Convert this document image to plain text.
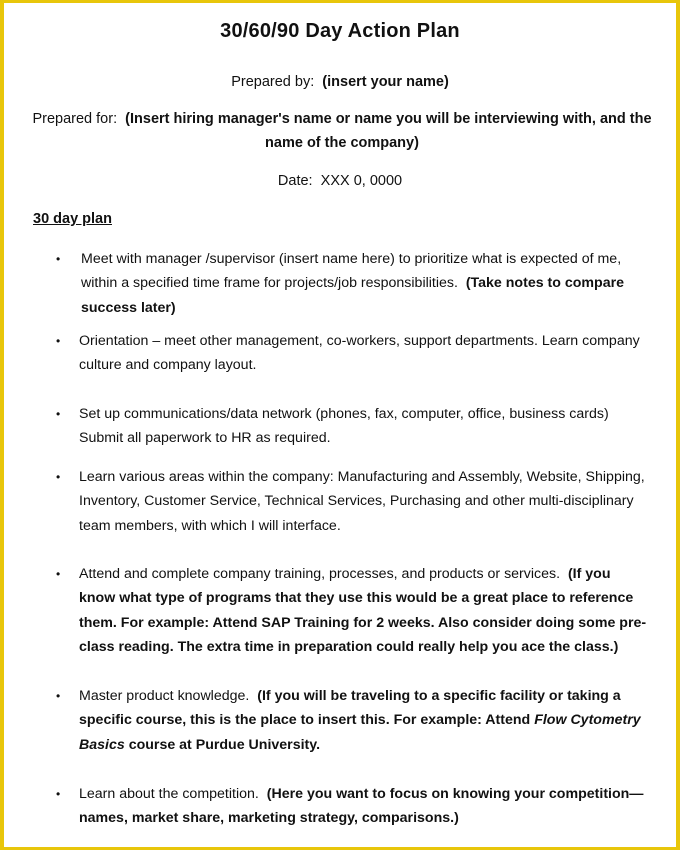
30/60/90 Day Action Plan
Prepared by: (insert your name)
Prepared for: (Insert hiring manager's name or name you will be interviewing with, and the name of the company)
Date: XXX 0, 0000
30 day plan
•	Meet with manager /supervisor (insert name here) to prioritize what is expected of me, within a specified time frame for projects/job responsibilities. (Take notes to compare success later)
•	Orientation – meet other management, co-workers, support departments. Learn company culture and company layout.
•	Set up communications/data network (phones, fax, computer, office, business cards) Submit all paperwork to HR as required.
•	Learn various areas within the company: Manufacturing and Assembly, Website, Shipping, Inventory, Customer Service, Technical Services, Purchasing and other multi-disciplinary team members, with which I will interface.
•	Attend and complete company training, processes, and products or services. (If you know what type of programs that they use this would be a great place to reference them. For example: Attend SAP Training for 2 weeks. Also consider doing some pre-class reading. The extra time in preparation could really help you ace the class.)
•	Master product knowledge. (If you will be traveling to a specific facility or taking a specific course, this is the place to insert this. For example: Attend Flow Cytometry Basics course at Purdue University.
•	Learn about the competition. (Here you want to focus on knowing your competition—names, market share, marketing strategy, comparisons.)
